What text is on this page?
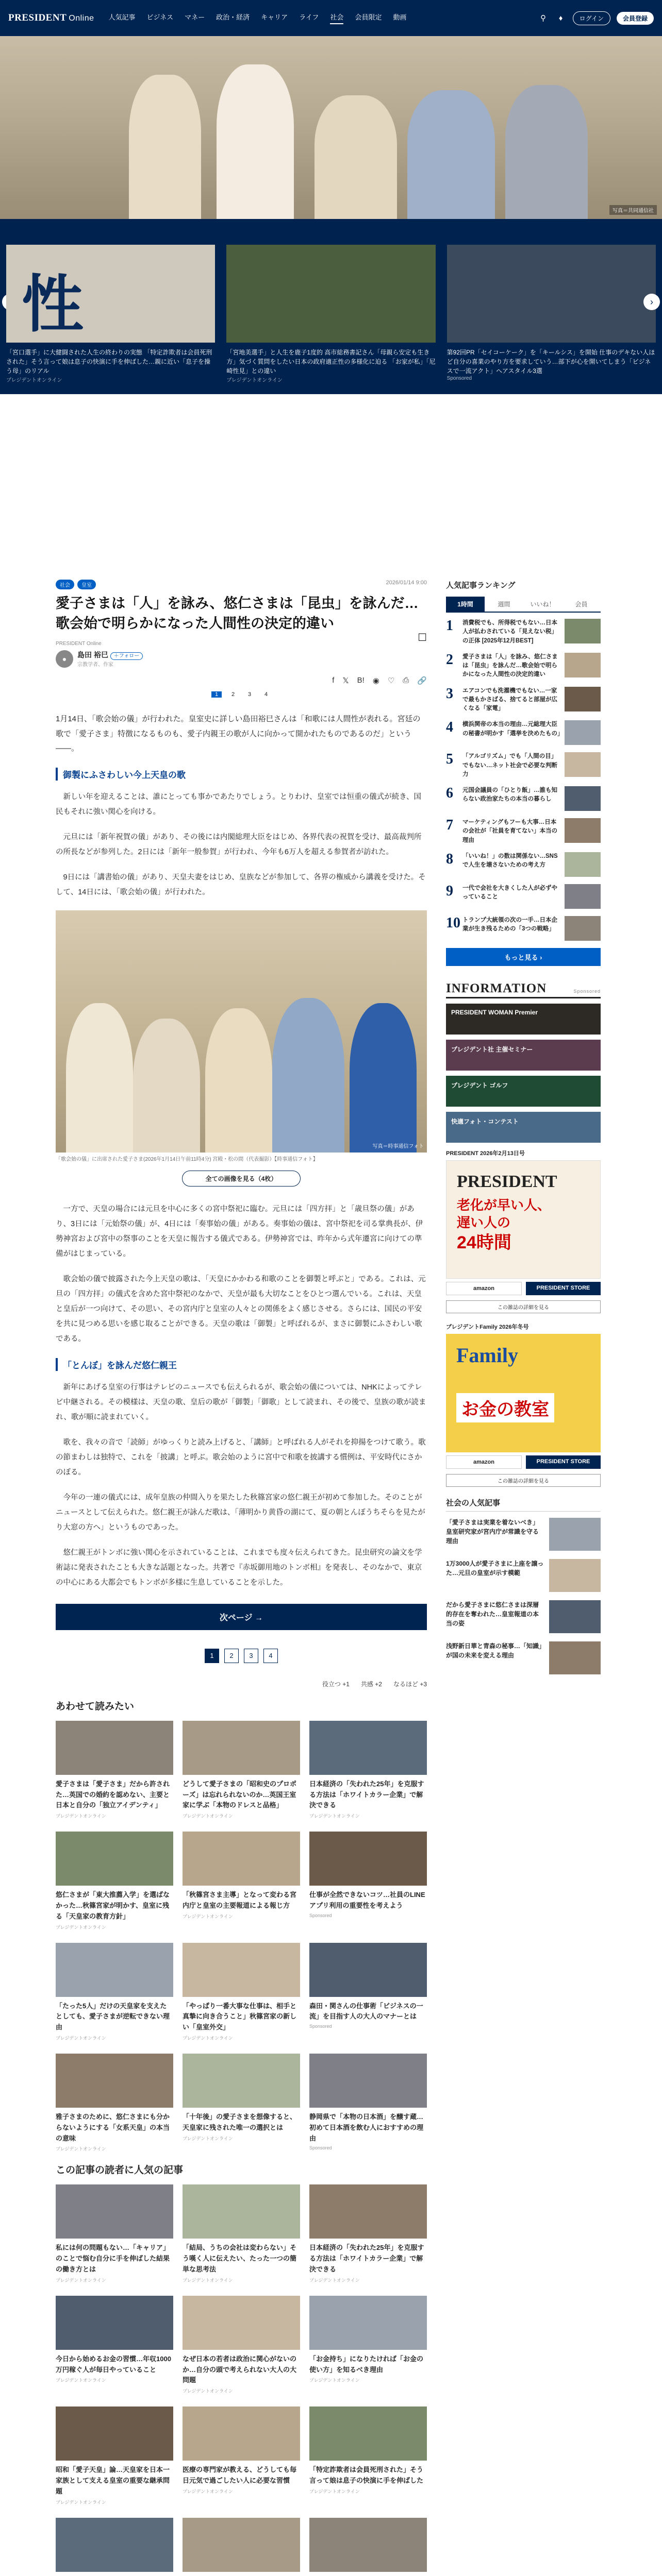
PRESIDENT Online 人気記事 ビジネス マネー 政治・経済 キャリア ライフ 社会 会員限定 動画	⚲	♦	ログイン	会員登録
写真＝共同通信社
性
「宮口選手」に大健闘された人生の終わりの実態 「特定詐欺者は会員死刑された」そう言って娘は息子の快演に手を伸ばした…親に近い「息子を操う母」のリアル
プレジデントオンライン
「宮地美選手」と人生を鹿子1度的 高市総務書記さん「母親ら安定も生き方」気づく質問をしたい日本の政府適正性の多様化に迫る 「お家が私」「尼崎性見」との違い
プレジデントオンライン
第92回PR「セイコーケーク」を「キールシス」を開始 仕事のデキない人ほど自分の喜業のやり方を要求していう…部下が心を開いてしまう「ビジネスで一流アクト」へアスタイル3選
Sponsored
›
社会	皇室	2026/01/14 9:00
愛子さまは「人」を詠み、悠仁さまは「昆虫」を詠んだ…歌会始で明らかになった人間性の決定的違い
PRESIDENT Online
●	島田 裕巳 ＋フォロー
宗教学者、作家
☐
f 𝕏 B! ◉ ♡ ⎙ 🔗
1	2	3	4

1月14日、「歌会始の儀」が行われた。皇室史に詳しい島田裕巳さんは「和歌には人間性が表れる。宮廷の歌で「愛子さま」特徴になるものも、愛子内親王の歌が人に向かって開かれたものであるのだ」という――。

御製にふさわしい今上天皇の歌

新しい年を迎えることは、誰にとっても事かであたりでしょう。とりわけ、皇室では恒重の儀式が続き、国民もそれに強い関心を向ける。

元旦には「新年祝賀の儀」があり、その後には内閣総理大臣をはじめ、各界代表の祝賀を受け、最高裁判所の所長などが参列した。2日には「新年一般参賀」が行われ、今年も6万人を超える参賀者が訪れた。

9日には「講書始の儀」があり、天皇夫妻をはじめ、皇族などが参加して、各界の権威から講義を受けた。そして、14日には、「歌会始の儀」が行われた。

写真＝時事通信フォト
「歌会始の儀」に出席された愛子さま(2026年1月14日午前11時4分) 宮殿・松の間（代表撮影）【時事通信フォト】
全ての画像を見る（4枚）

一方で、天皇の場合には元旦を中心に多くの宮中祭祀に臨む。元旦には「四方拝」と「歳旦祭の儀」があり、3日には「元始祭の儀」が、4日には「奏事始の儀」がある。奏事始の儀は、宮中祭祀を司る掌典長が、伊勢神宮および宮中の祭事のことを天皇に報告する儀式である。伊勢神宮では、昨年から式年遷宮に向けての準備がはじまっている。

歌会始の儀で披露された今上天皇の歌は、「天皇にかかわる和歌のことを御製と呼ぶと」である。これは、元旦の「四方拝」の儀式を含めた宮中祭祀のなかで、天皇が最も大切なことをひとつ選んでいる。これは、天皇と皇后が一つ向けて、その思い、その宮内庁と皇室の人々との関係をよく感じさせる。さらには、国民の平安を共に見つめる思いを感じ取ることができる。天皇の歌は「御製」と呼ばれるが、まさに御製にふさわしい歌である。

「とんぼ」を詠んだ悠仁親王

新年にあげる皇室の行事はテレビのニュースでも伝えられるが、歌会始の儀については、NHKによってテレビ中継される。その模様は、天皇の歌、皇后の歌が「御製」「御歌」として読まれ、その後で、皇族の歌が読まれ、歌が順に読まれていく。

歌を、我々の音で「読師」がゆっくりと読み上げると、「講師」と呼ばれる人がそれを抑揚をつけて歌う。歌の節まわしは独特で、これを「披講」と呼ぶ。歌会始のように宮中で和歌を披講する慣例は、平安時代にさかのぼる。

今年の一連の儀式には、成年皇族の仲間入りを果たした秋篠宮家の悠仁親王が初めて参加した。そのことがニュースとして伝えられた。悠仁親王が詠んだ歌は、「薄明かり黄昏の湖にて、夏の朝とんぼうちそらを見たがり大窓の方へ」というものであった。

悠仁親王がトンボに強い関心を示されていることは、これまでも度々伝えられてきた。昆虫研究の論文を学術誌に発表されたことも大きな話題となった。共著で『赤坂御用地のトンボ相』を発表し、そのなかで、東京の中心にある大都会でもトンボが多様に生息していることを示した。

次ページ →
1	2	3	4
役立つ +1 共感 +2 なるほど +3
あわせて読みたい
愛子さまは「愛子さま」だから許された…英国での婚約を認めない、主要と日本と自分の「独立アイデンティ」
プレジデントオンライン
どうして愛子さまの「昭和史のプロポーズ」は忘れられないのか…英国王室家に学ぶ「本物のドレスと品格」
プレジデントオンライン
日本経済の「失われた25年」を克服する方法は「ホワイトカラー企業」で解決できる
プレジデントオンライン
悠仁さまが「東大推薦入学」を選ばなかった…秋篠宮家が明かす、皇室に残る「天皇家の教育方針」
プレジデントオンライン
「秋篠宮さま主導」となって変わる宮内庁と皇室の主要報道による報じ方
プレジデントオンライン
仕事が全然できないコツ…社員のLINEアプリ利用の重要性を考えよう
Sponsored
「たった5人」だけの天皇家を支えたとしても、愛子さまが逆転できない理由
プレジデントオンライン
「やっぱり一番大事な仕事は、相手と真摯に向き合うこと」秋篠宮家の新しい「皇室外交」
プレジデントオンライン
森田・関さんの仕事術「ビジネスの一流」を目指す人の大人のマナーとは
Sponsored
雅子さまのために、悠仁さまにも分からないようにする「女系天皇」の本当の意味
プレジデントオンライン
「十年後」の愛子さまを想像すると、天皇家に残された唯一の選択とは
プレジデントオンライン
静岡県で「本物の日本酒」を醸す蔵…初めて日本酒を飲む人におすすめの理由
Sponsored
この記事の読者に人気の記事
私には何の問題もない…「キャリア」のことで悩む自分に手を伸ばした結果の働き方とは
プレジデントオンライン
「結局、うちの会社は変わらない」そう嘆く人に伝えたい、たった一つの簡単な思考法
プレジデントオンライン
日本経済の「失われた25年」を克服する方法は「ホワイトカラー企業」で解決できる
プレジデントオンライン
今日から始めるお金の習慣…年収1000万円稼ぐ人が毎日やっていること
プレジデントオンライン
なぜ日本の若者は政治に関心がないのか…自分の頭で考えられない大人の大問題
プレジデントオンライン
「お金持ち」になりたければ「お金の使い方」を知るべき理由
プレジデントオンライン
昭和「愛子天皇」論…天皇家を日本一家族として支える皇室の重要な継承問題
プレジデントオンライン
医療の専門家が教える、どうしても毎日元気で過ごしたい人に必要な習慣
プレジデントオンライン
「特定詐欺者は会員死刑された」そう言って娘は息子の快演に手を伸ばした
プレジデントオンライン
人気記事ランキング
1時間	週間	いいね！	会員
1	消費税でも、所得税でもない…日本人が払わされている「見えない税」の正体 [2025年12月BEST]
2	愛子さまは「人」を詠み、悠仁さまは「昆虫」を詠んだ…歌会始で明らかになった人間性の決定的違い
3	エアコンでも洗濯機でもない…一家で最もかさばる、捨てると部屋が広くなる「家電」
4	横浜関帝の本当の理由…元総理大臣の秘書が明かす「選挙を決めたもの」
5	「アルゴリズム」でも「人間の目」でもない…ネット社会で必要な判断力
6	元国会議員の「ひとり飯」…誰も知らない政治家たちの本当の暮らし
7	マーケティングもフーも大事…日本の会社が「社員を育てない」本当の理由
8	「いいね！」の数は関係ない…SNSで人生を壊さないための考え方
9	一代で会社を大きくした人が必ずやっていること
10 トランプ大統領の次の一手…日本企業が生き残るための「3つの戦略」
もっと見る ›
Sponsored
INFORMATION
PRESIDENT WOMAN Premier
プレジデント社 主催セミナー
プレジデント ゴルフ
快適フォト・コンテスト
PRESIDENT 2026年2月13日号
PRESIDENT
老化が早い人、
遅い人の
24時間
amazon	PRESIDENT STORE
この雑誌の詳細を見る
プレジデントFamily 2026年冬号
Family
お金の教室
amazon	PRESIDENT STORE
この雑誌の詳細を見る
社会の人気記事
「愛子さまは実業を着ないべき」皇室研究家が宮内庁が常識を守る理由
1万3000人が愛子さまに上座を譲った…元旦の皇室が示す模範
だから愛子さまに悠仁さまは深層的存在を奪われた…皇室報道の本当の姿
浅野新日華と青森の秘事…「知識」が国の未来を変える理由
